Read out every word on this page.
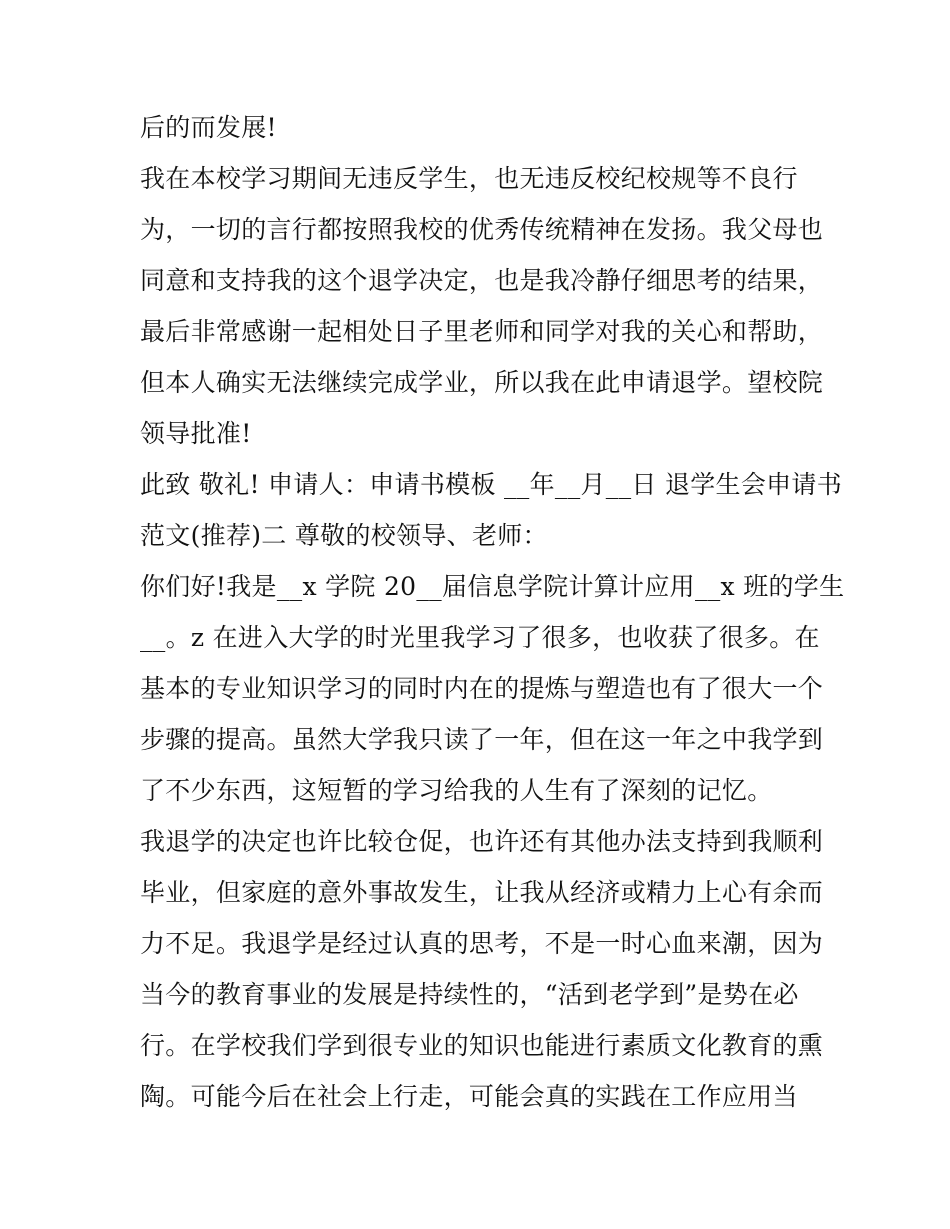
后的而发展!
我在本校学习期间无违反学生，也无违反校纪校规等不良行
为，一切的言行都按照我校的优秀传统精神在发扬。我父母也
同意和支持我的这个退学决定，也是我冷静仔细思考的结果，
最后非常感谢一起相处日子里老师和同学对我的关心和帮助，
但本人确实无法继续完成学业，所以我在此申请退学。望校院
领导批准!
此致 敬礼! 申请人：申请书模板 __年__月__日 退学生会申请书
范文(推荐)二 尊敬的校领导、老师：
你们好!我是__x 学院 20__届信息学院计算计应用__x 班的学生
__。z 在进入大学的时光里我学习了很多，也收获了很多。在
基本的专业知识学习的同时内在的提炼与塑造也有了很大一个
步骤的提高。虽然大学我只读了一年，但在这一年之中我学到
了不少东西，这短暂的学习给我的人生有了深刻的记忆。
我退学的决定也许比较仓促，也许还有其他办法支持到我顺利
毕业，但家庭的意外事故发生，让我从经济或精力上心有余而
力不足。我退学是经过认真的思考，不是一时心血来潮，因为
当今的教育事业的发展是持续性的，“活到老学到”是势在必
行。在学校我们学到很专业的知识也能进行素质文化教育的熏
陶。可能今后在社会上行走，可能会真的实践在工作应用当
